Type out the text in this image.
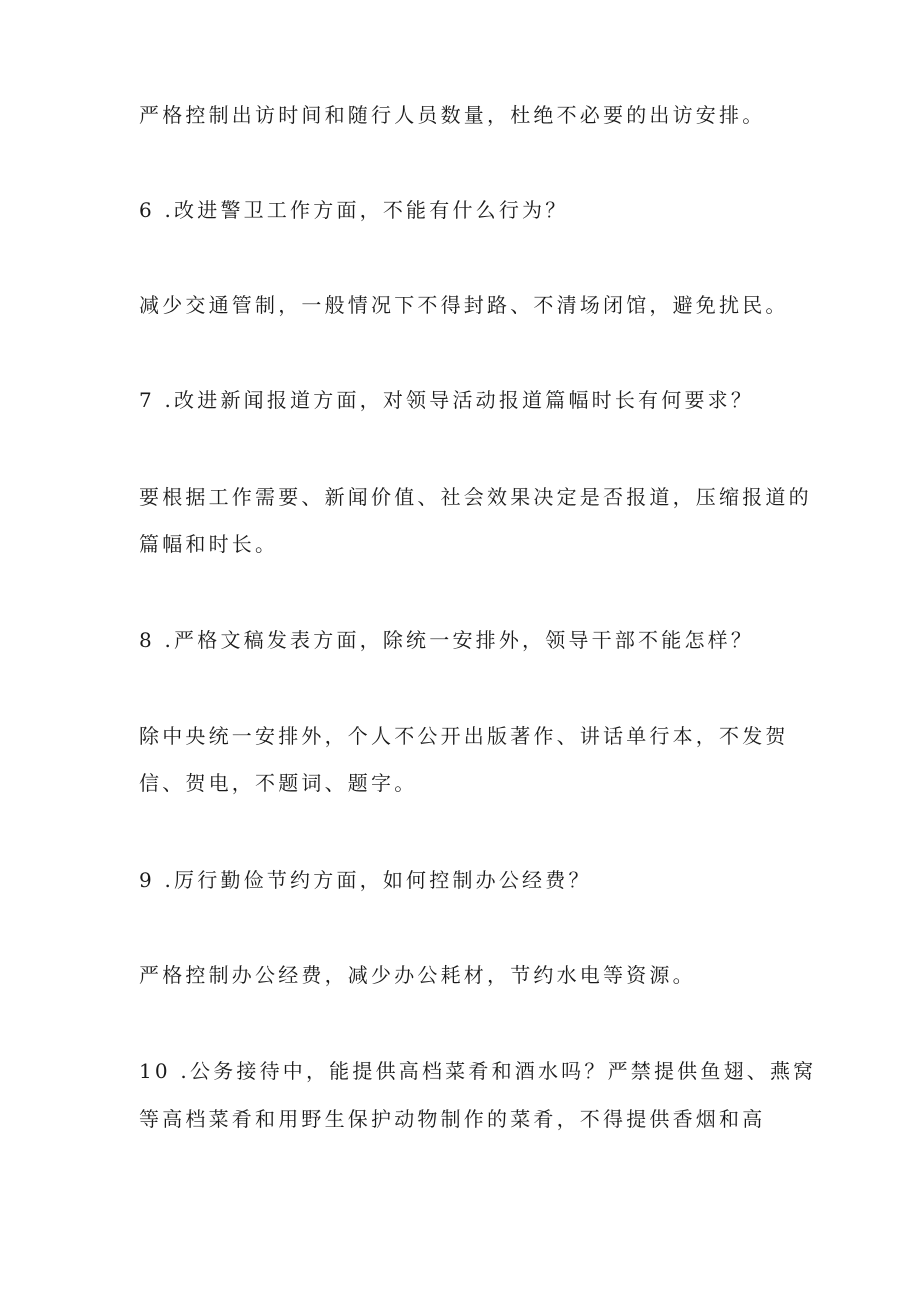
严格控制出访时间和随行人员数量，杜绝不必要的出访安排。
6 .改进警卫工作方面，不能有什么行为？
减少交通管制，一般情况下不得封路、不清场闭馆，避免扰民。
7 .改进新闻报道方面，对领导活动报道篇幅时长有何要求？
要根据工作需要、新闻价值、社会效果决定是否报道，压缩报道的
篇幅和时长。
8 .严格文稿发表方面，除统一安排外，领导干部不能怎样？
除中央统一安排外，个人不公开出版著作、讲话单行本，不发贺
信、贺电，不题词、题字。
9 .厉行勤俭节约方面，如何控制办公经费？
严格控制办公经费，减少办公耗材，节约水电等资源。
10 .公务接待中，能提供高档菜肴和酒水吗？严禁提供鱼翅、燕窝
等高档菜肴和用野生保护动物制作的菜肴，不得提供香烟和高
